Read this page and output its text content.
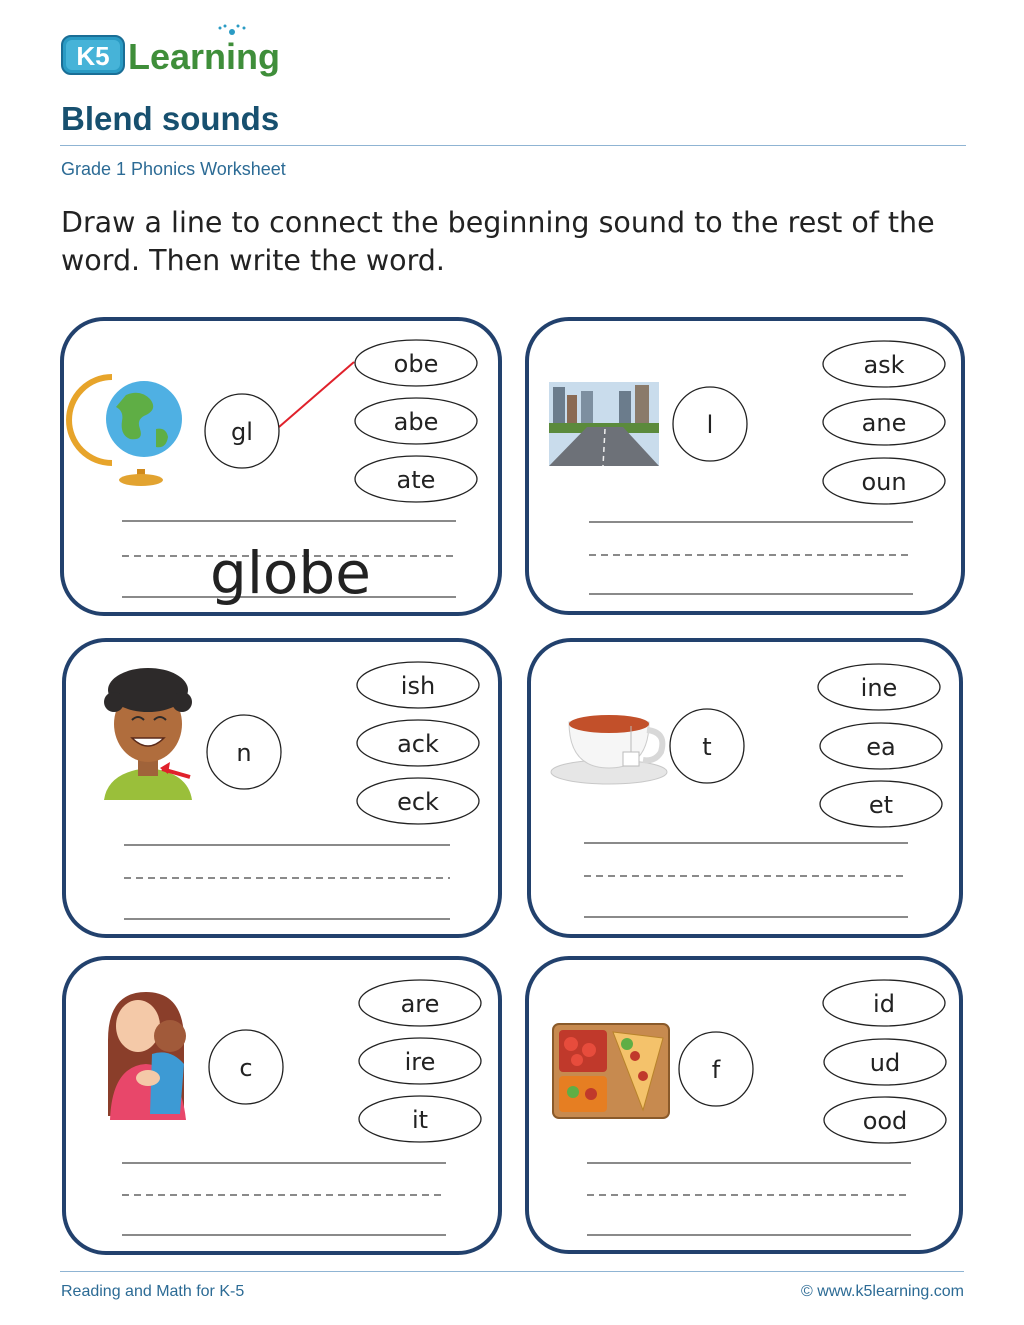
K5 Learning
Blend sounds
Grade 1 Phonics Worksheet

Draw a line to connect the beginning sound to the rest of the word. Then write the word.

gl
obe
abe
ate
globe
l
ask
ane
oun
n
ish
ack
eck
t
ine
ea
et
c
are
ire
it
f
id
ud
ood
Reading and Math for K-5	© www.k5learning.com
